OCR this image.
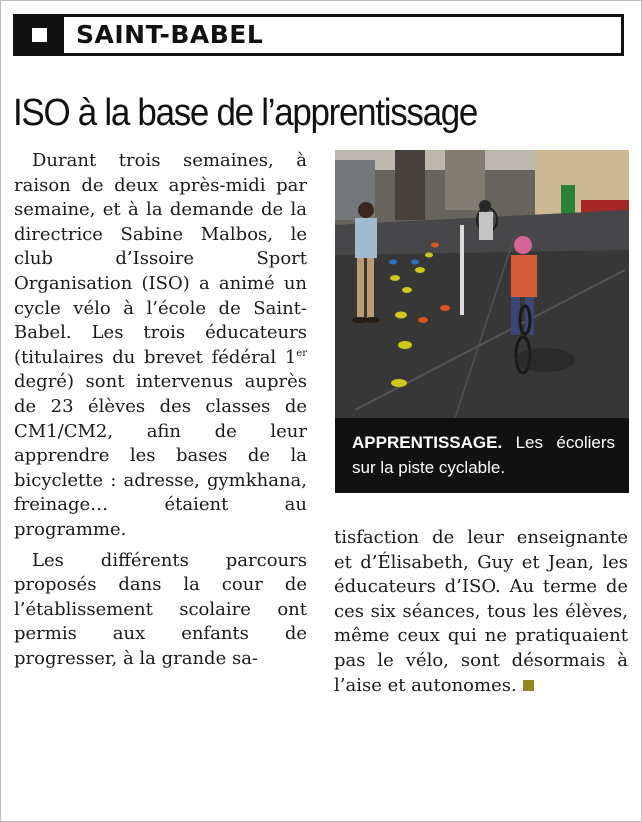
SAINT-BABEL
ISO à la base de l’apprentissage

Durant trois semaines, à raison de deux après-midi par semaine, et à la demande de la directrice Sabine Malbos, le club d’Issoire Sport Organisation (ISO) a animé un cycle vélo à l’école de Saint-Babel. Les trois éducateurs (titulaires du brevet fédéral 1er degré) sont intervenus auprès de 23 élèves des classes de CM1/CM2, afin de leur apprendre les bases de la bicyclette : adresse, gymkhana, freinage… étaient au programme.

Les différents parcours proposés dans la cour de l’établissement scolaire ont permis aux enfants de progresser, à la grande sa-

APPRENTISSAGE. Les écoliers sur la piste cyclable.

tisfaction de leur enseignante et d’Élisabeth, Guy et Jean, les éducateurs d’ISO. Au terme de ces six séances, tous les élèves, même ceux qui ne pratiquaient pas le vélo, sont désormais à l’aise et autonomes.
